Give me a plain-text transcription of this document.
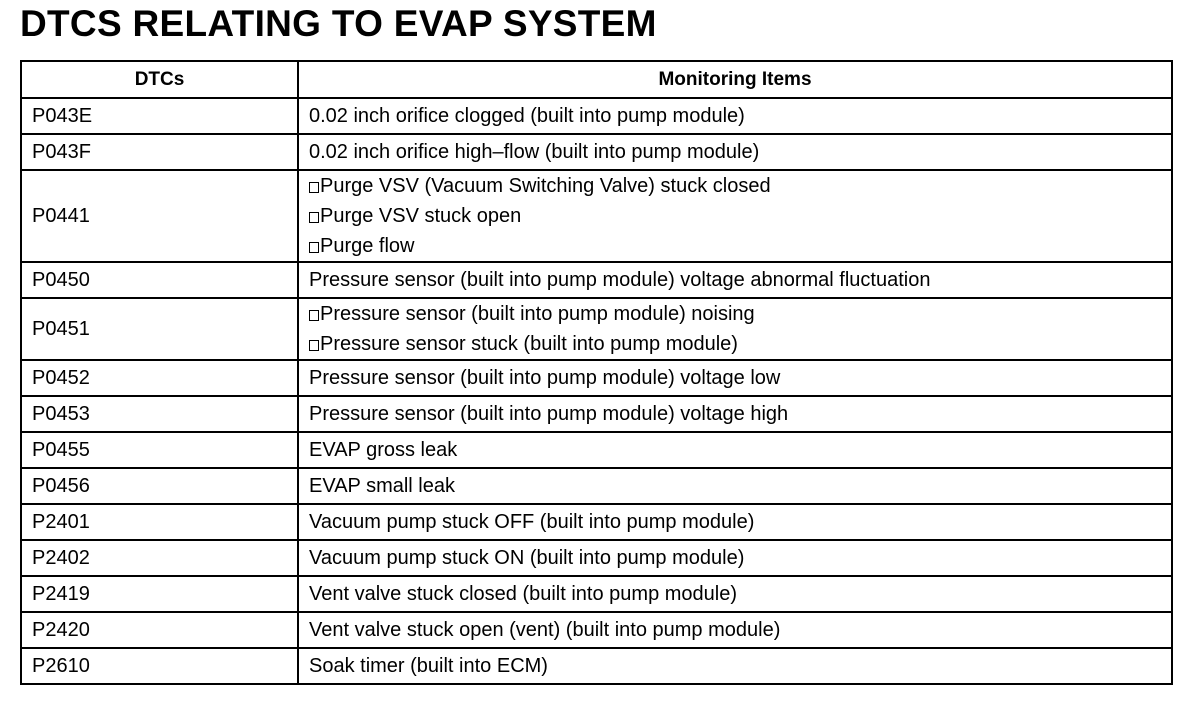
DTCS RELATING TO EVAP SYSTEM
DTCs	Monitoring Items
P043E	0.02 inch orifice clogged (built into pump module)

P043F	0.02 inch orifice high–flow (built into pump module)

P0441	Purge VSV (Vacuum Switching Valve) stuck closed
Purge VSV stuck open
Purge flow

P0450	Pressure sensor (built into pump module) voltage abnormal fluctuation

P0451	Pressure sensor (built into pump module) noising
Pressure sensor stuck (built into pump module)

P0452	Pressure sensor (built into pump module) voltage low

P0453	Pressure sensor (built into pump module) voltage high

P0455	EVAP gross leak

P0456	EVAP small leak

P2401	Vacuum pump stuck OFF (built into pump module)

P2402	Vacuum pump stuck ON (built into pump module)

P2419	Vent valve stuck closed (built into pump module)

P2420	Vent valve stuck open (vent) (built into pump module)

P2610	Soak timer (built into ECM)
